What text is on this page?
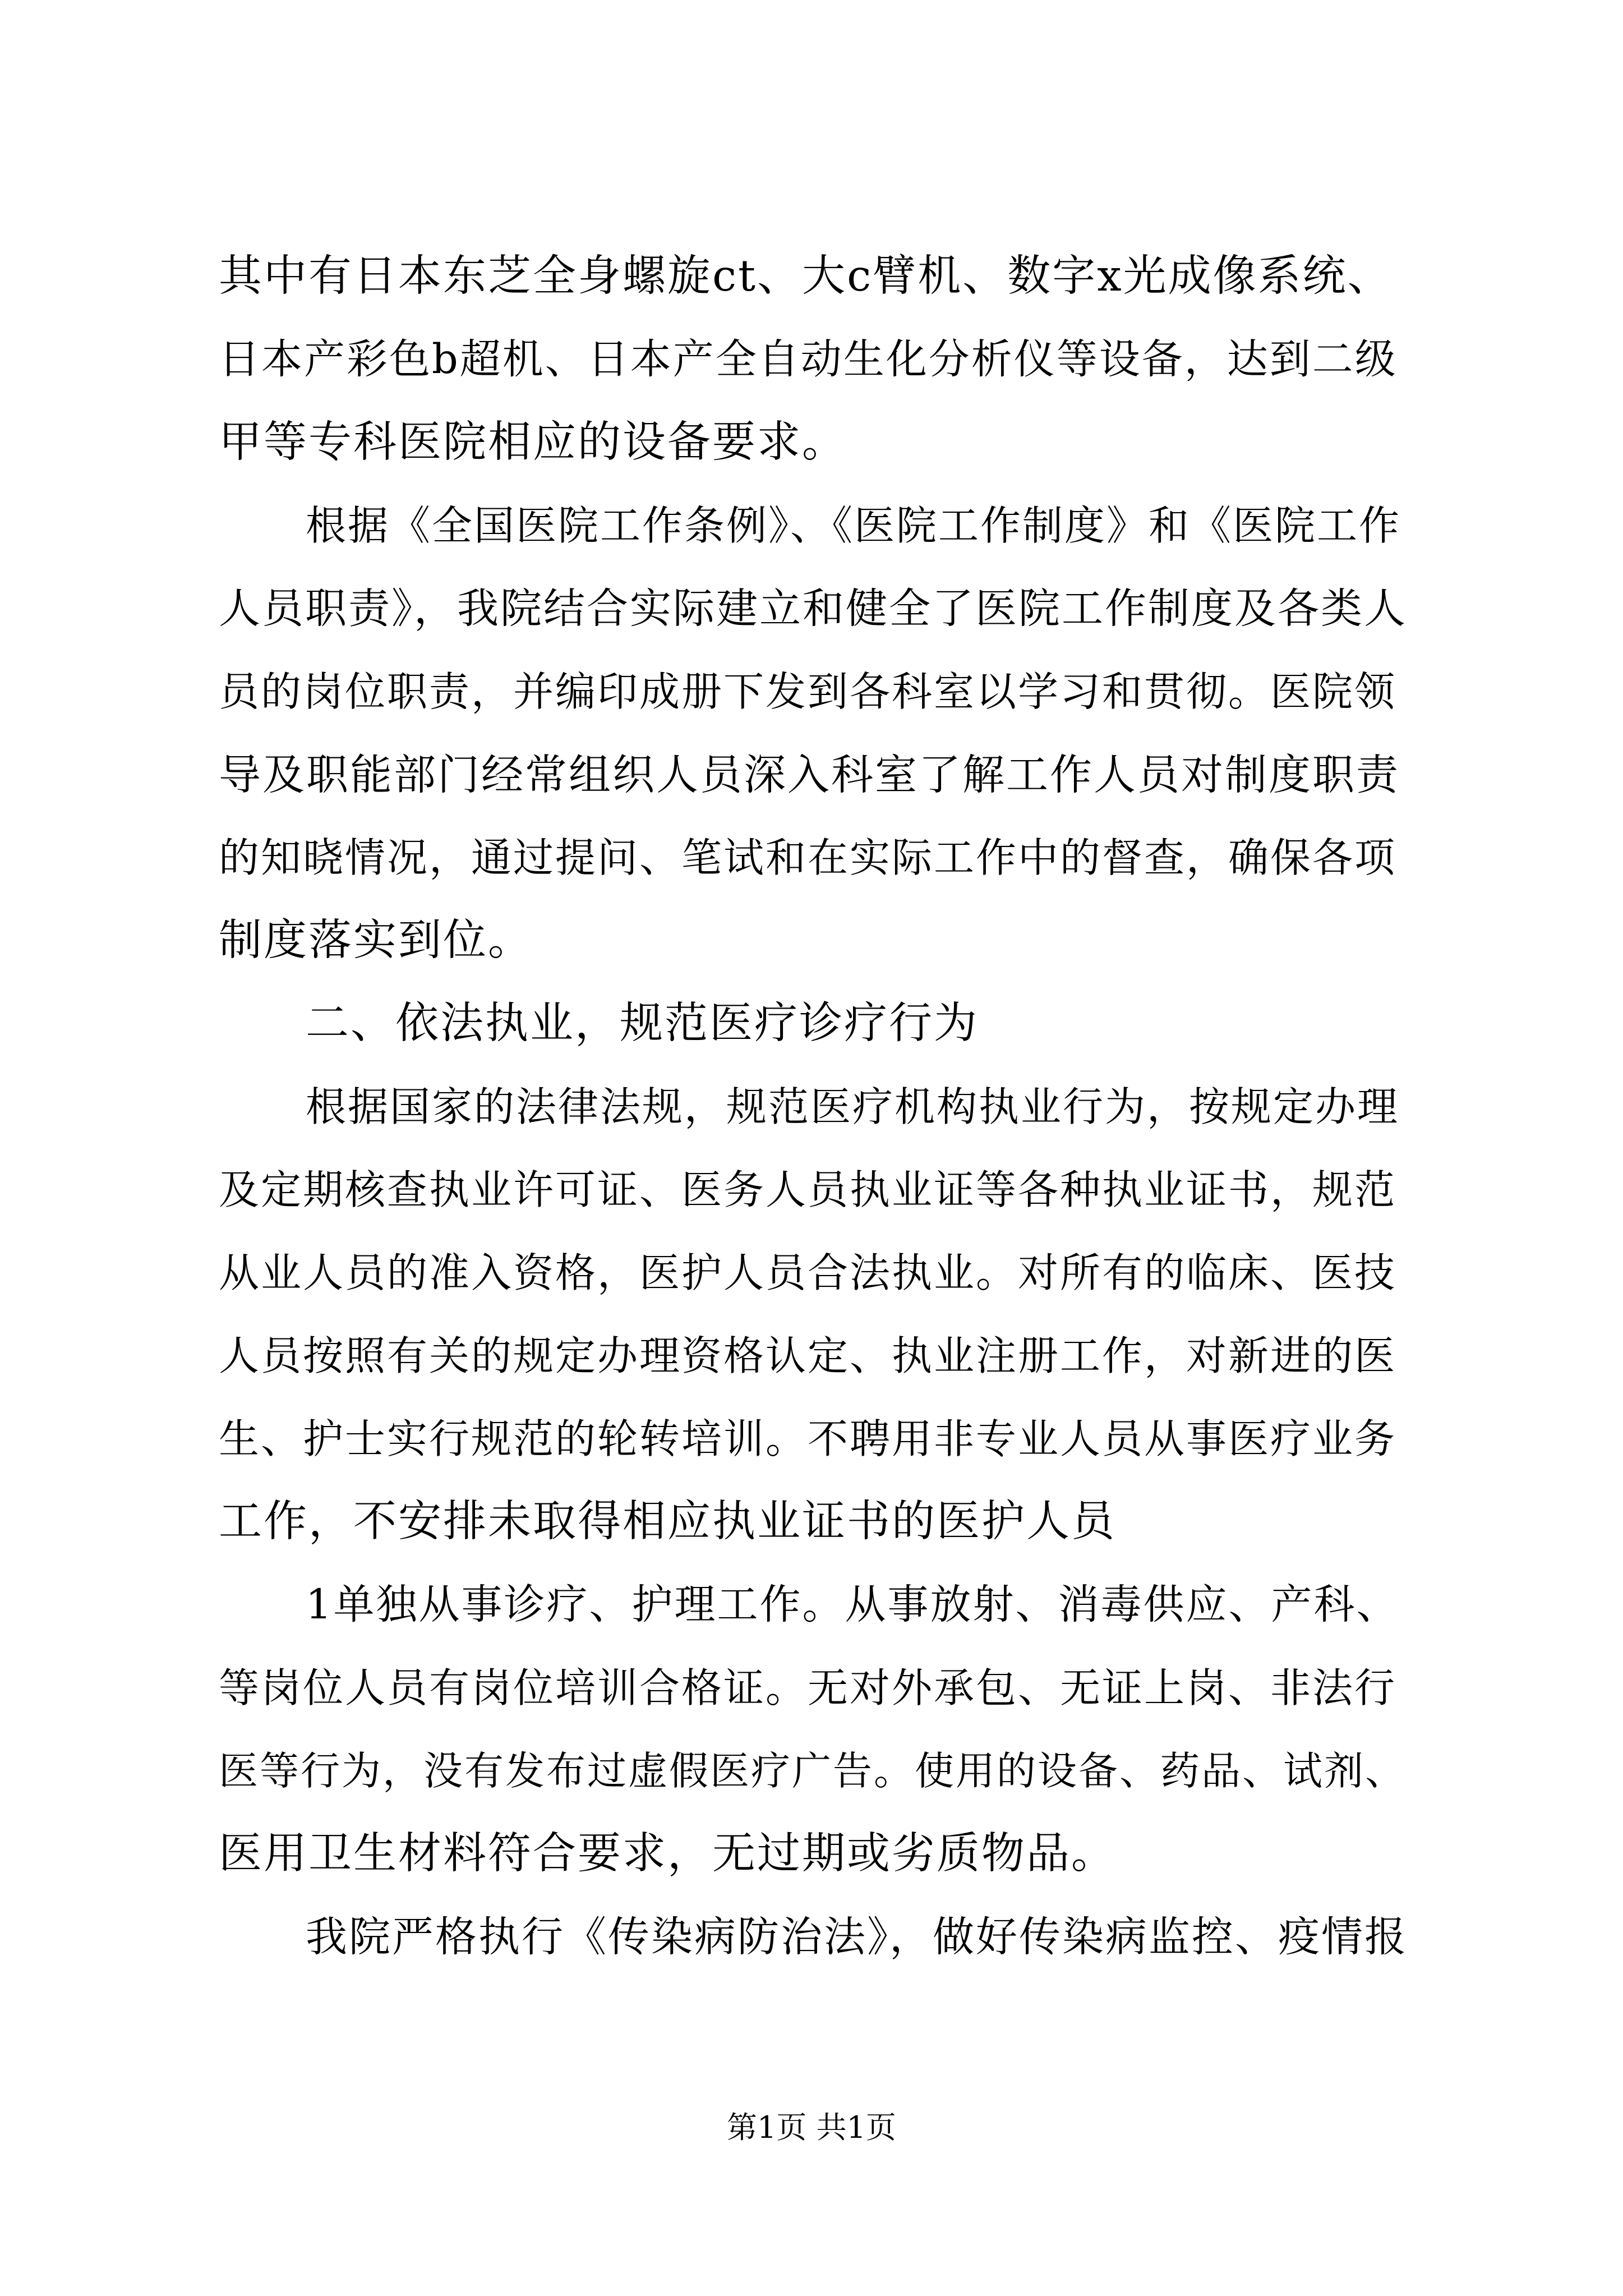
其中有日本东芝全身螺旋ct、大c臂机、数字x光成像系统、

日本产彩色b超机、日本产全自动生化分析仪等设备，达到二级

甲等专科医院相应的设备要求。

根据《全国医院工作条例》、《医院工作制度》和《医院工作

人员职责》，我院结合实际建立和健全了医院工作制度及各类人

员的岗位职责，并编印成册下发到各科室以学习和贯彻。医院领

导及职能部门经常组织人员深入科室了解工作人员对制度职责

的知晓情况，通过提问、笔试和在实际工作中的督查，确保各项

制度落实到位。

二、依法执业，规范医疗诊疗行为

根据国家的法律法规，规范医疗机构执业行为，按规定办理

及定期核查执业许可证、医务人员执业证等各种执业证书，规范

从业人员的准入资格，医护人员合法执业。对所有的临床、医技

人员按照有关的规定办理资格认定、执业注册工作，对新进的医

生、护士实行规范的轮转培训。不聘用非专业人员从事医疗业务

工作，不安排未取得相应执业证书的医护人员

1单独从事诊疗、护理工作。从事放射、消毒供应、产科、

等岗位人员有岗位培训合格证。无对外承包、无证上岗、非法行

医等行为，没有发布过虚假医疗广告。使用的设备、药品、试剂、

医用卫生材料符合要求，无过期或劣质物品。

我院严格执行《传染病防治法》，做好传染病监控、疫情报

第1页 共1页
